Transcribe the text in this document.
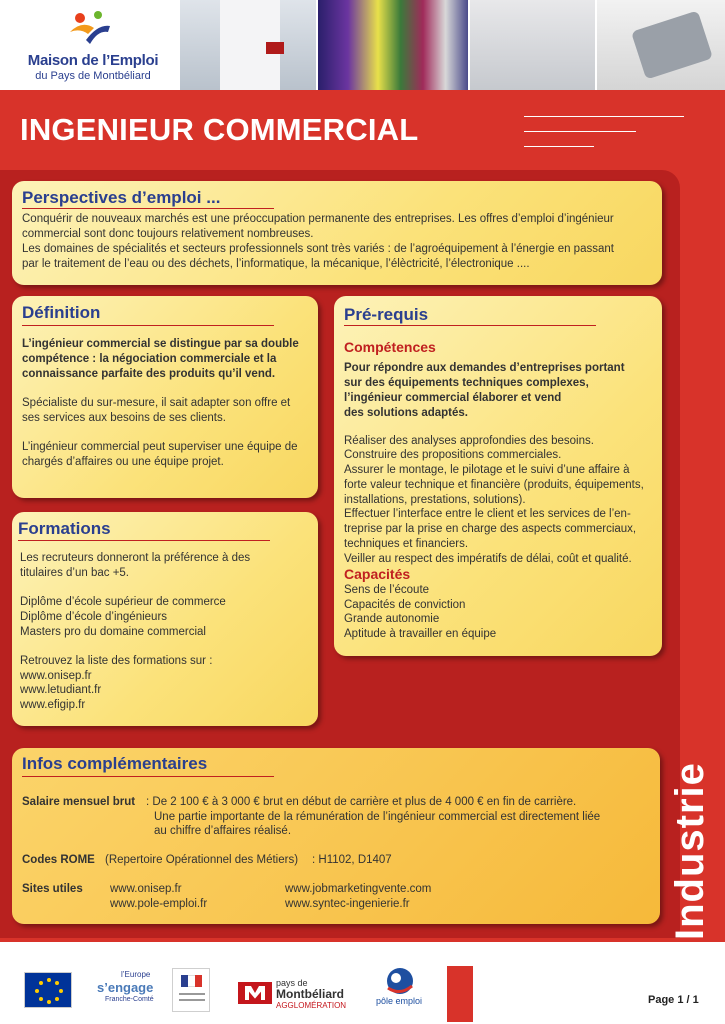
Maison de l’Emploi
du Pays de Montbéliard
INGENIEUR COMMERCIAL
Industrie
Perspectives d’emploi ...
Conquérir de nouveaux marchés est une préoccupation permanente des entreprises. Les offres d’emploi d’ingénieur
commercial sont donc toujours relativement nombreuses.
Les domaines de spécialités et secteurs professionnels sont très variés : de l’agroéquipement à l’énergie en passant
par le traitement de l’eau ou des déchets, l’informatique, la mécanique, l’élèctricité, l’électronique ....
Définition
L’ingénieur commercial se distingue par sa double
compétence : la négociation commerciale et la
connaissance parfaite des produits qu’il vend.
Spécialiste du sur-mesure, il sait adapter son offre et
ses services aux besoins de ses clients.
L’ingénieur commercial peut superviser une équipe de
chargés d’affaires ou une équipe projet.
Pré-requis
Compétences
Pour répondre aux demandes d’entreprises portant
sur des équipements techniques complexes,
l’ingénieur commercial élaborer et vend
des solutions adaptés.
Réaliser des analyses approfondies des besoins.
Construire des propositions commerciales.
Assurer le montage, le pilotage et le suivi d’une affaire à
forte valeur technique et financière (produits, équipements,
installations, prestations, solutions).
Effectuer l’interface entre le client et les services de l’en-
treprise par la prise en charge des aspects commerciaux,
techniques et financiers.
Veiller au respect des impératifs de délai, coût et qualité.
Capacités
Sens de l’écoute
Capacités de conviction
Grande autonomie
Aptitude à travailler en équipe
Formations
Les recruteurs donneront la préférence à des
titulaires d’un bac +5.
Diplôme d’école supérieur de commerce
Diplôme d’école d’ingénieurs
Masters pro du domaine commercial
Retrouvez la liste des formations sur :
www.onisep.fr
www.letudiant.fr
www.efigip.fr
Infos complémentaires
Salaire mensuel brut : De 2 100 € à 3 000 € brut en début de carrière et plus de 4 000 € en fin de carrière.
Une partie importante de la rémunération de l’ingénieur commercial est directement liée
au chiffre d’affaires réalisé.
Codes ROME (Repertoire Opérationnel des Métiers) : H1102, D1407
Sites utiles www.onisep.fr
www.pole-emploi.fr
www.jobmarketingvente.com
www.syntec-ingenierie.fr
l’Europe
s’engage
Franche-Comté
pays de
Montbéliard
AGGLOMÉRATION	pôle emploi	Page 1 / 1
